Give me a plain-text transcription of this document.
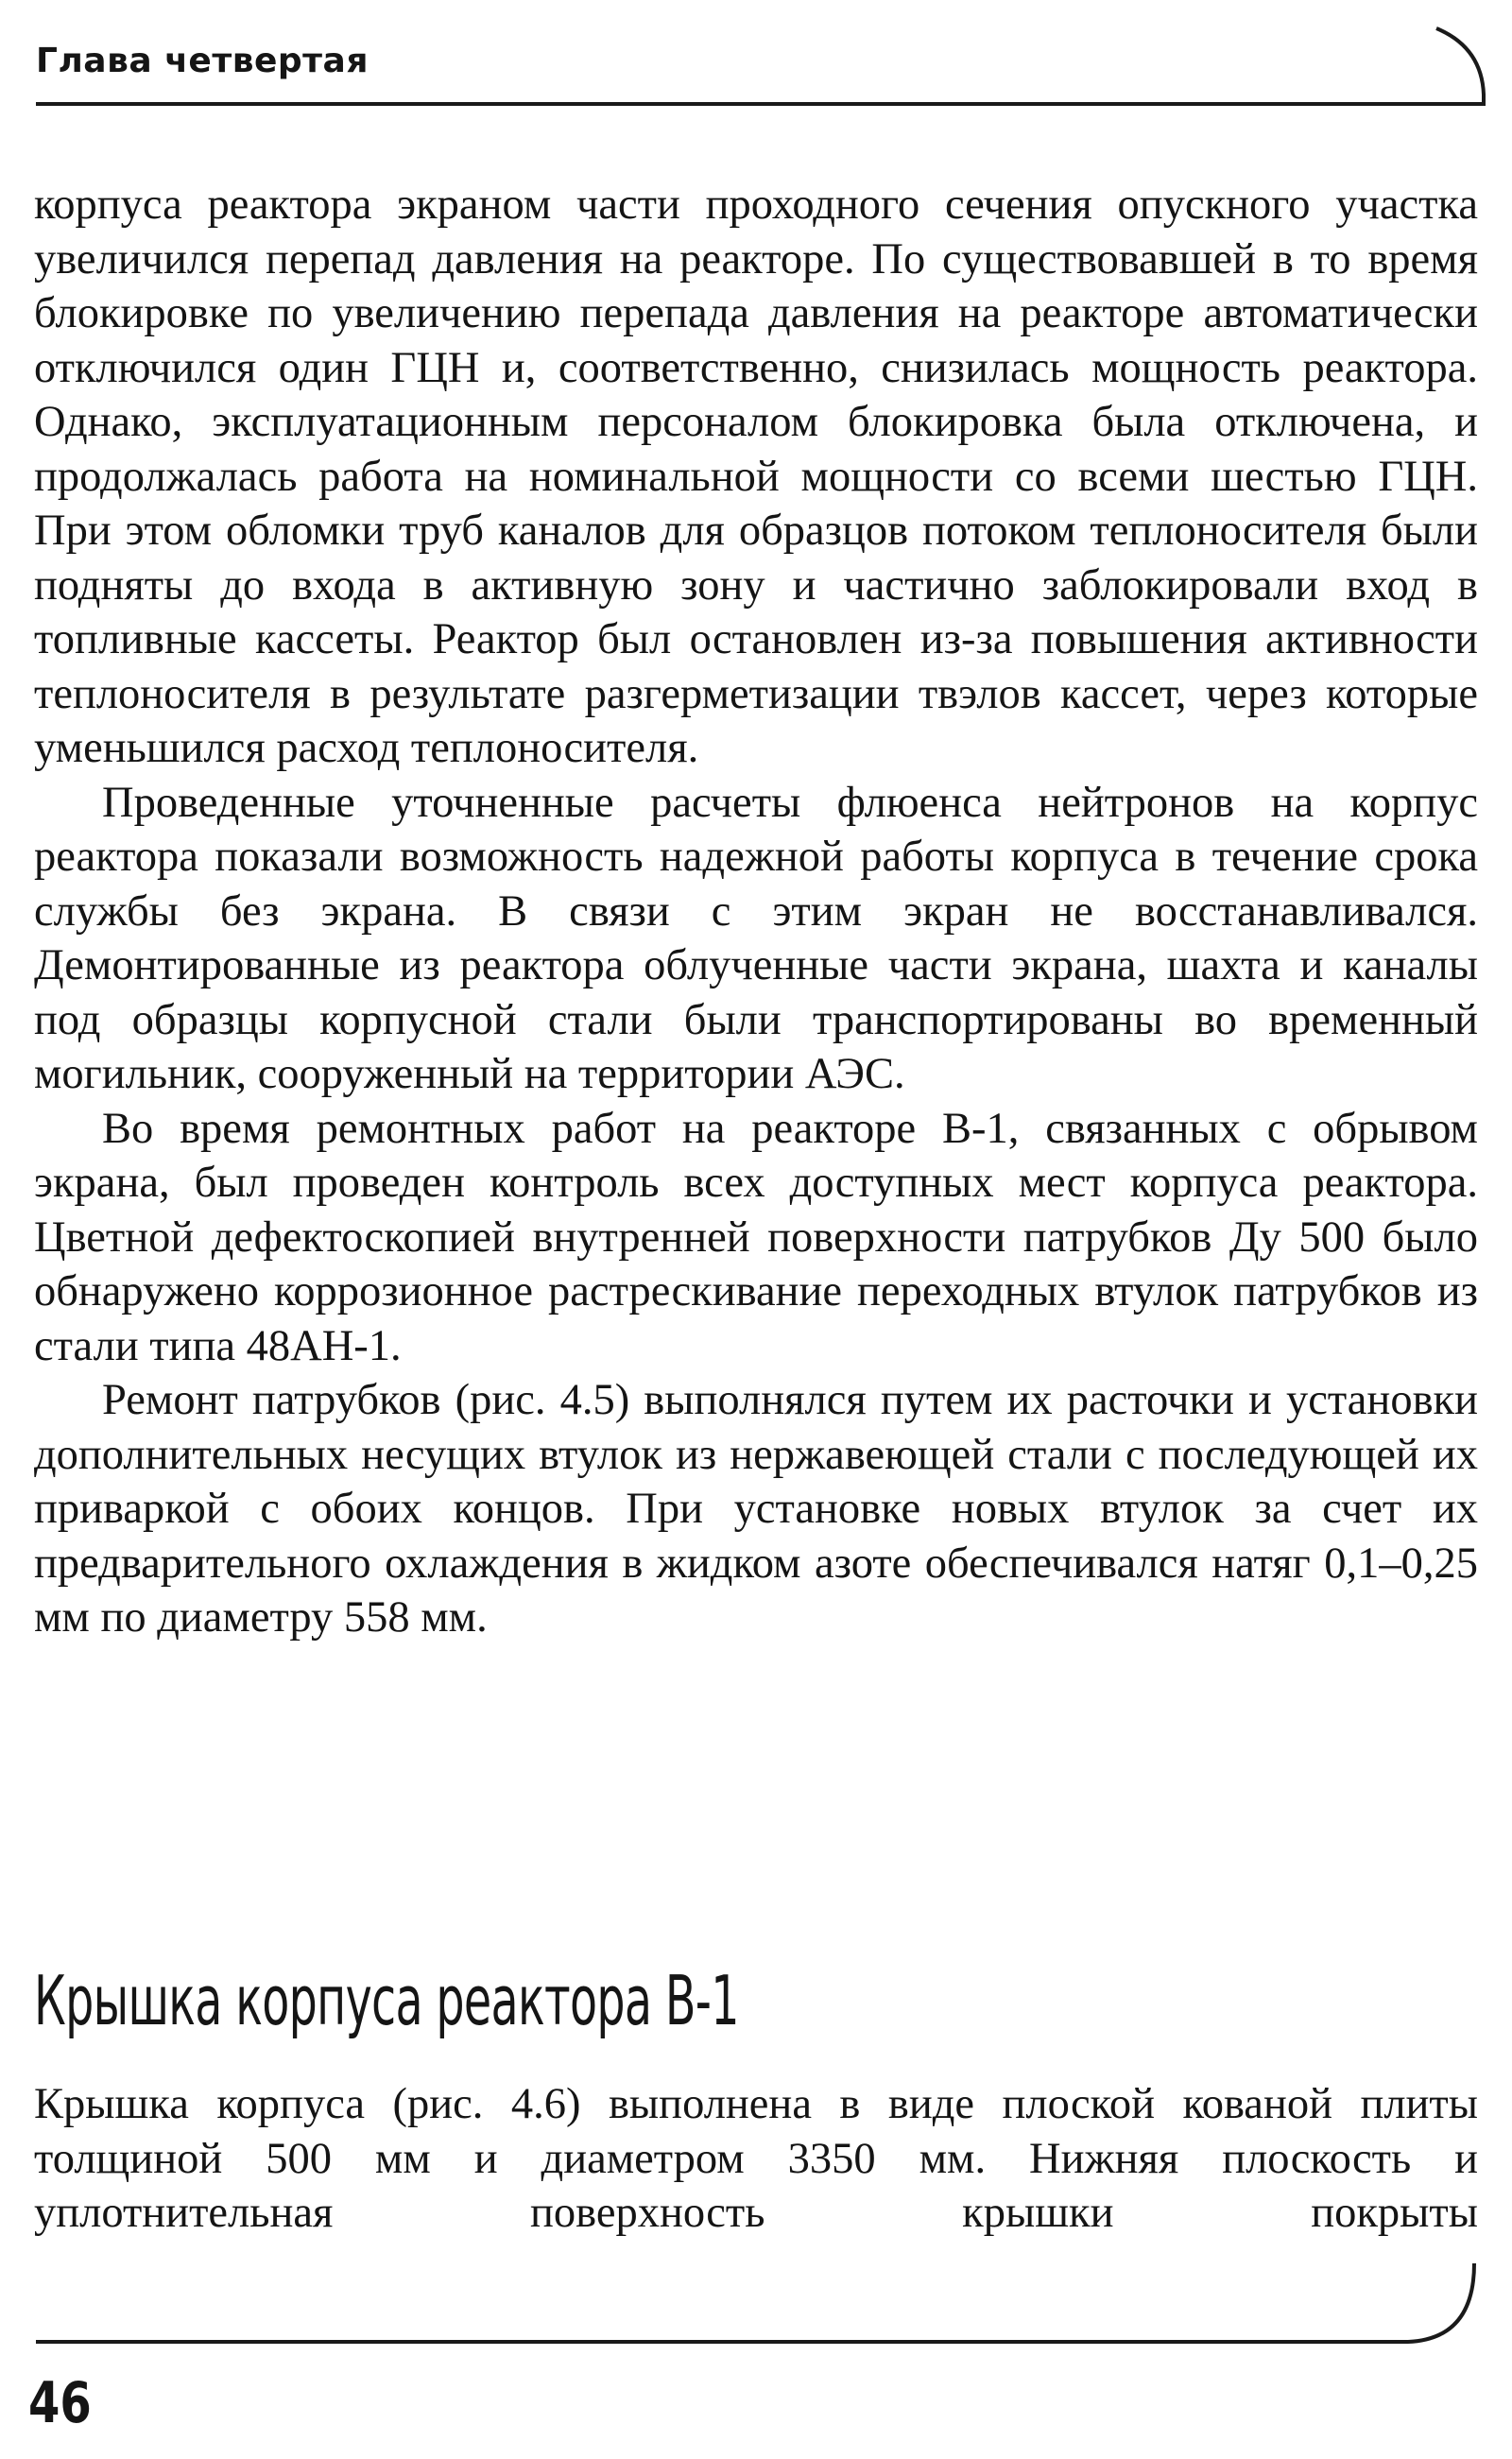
Глава четвертая

корпуса реактора экраном части проходного сечения опускного участка увеличился перепад давления на реакторе. По существовавшей в то время блокировке по увеличению перепада давления на реакторе автоматически отключился один ГЦН и, соответственно, снизилась мощность реактора. Однако, эксплуатационным персоналом блокировка была отключена, и продолжалась работа на номинальной мощности со всеми шестью ГЦН. При этом обломки труб каналов для образцов потоком теплоносителя были подняты до входа в активную зону и частично заблокировали вход в топливные кассеты. Реактор был остановлен из-за повышения активности теплоносителя в результате разгерметизации твэлов кассет, через которые уменьшился расход теплоносителя.

Проведенные уточненные расчеты флюенса нейтронов на корпус реактора показали возможность надежной работы корпуса в течение срока службы без экрана. В связи с этим экран не восстанавливался. Демонтированные из реактора облученные части экрана, шахта и каналы под образцы корпусной стали были транспортированы во временный могильник, сооруженный на территории АЭС.

Во время ремонтных работ на реакторе В-1, связанных с обрывом экрана, был проведен контроль всех доступных мест корпуса реактора. Цветной дефектоскопией внутренней поверхности патрубков Ду 500 было обнаружено коррозионное растрескивание переходных втулок патрубков из стали типа 48АН-1.

Ремонт патрубков (рис. 4.5) выполнялся путем их расточки и установки дополнительных несущих втулок из нержавеющей стали с последующей их приваркой с обоих концов. При установке новых втулок за счет их предварительного охлаждения в жидком азоте обеспечивался натяг 0,1–0,25 мм по диаметру 558 мм.

Крышка корпуса реактора В-1

Крышка корпуса (рис. 4.6) выполнена в виде плоской кованой плиты толщиной 500 мм и диаметром 3350 мм. Нижняя плоскость и уплотнительная поверхность крышки покрыты

46
